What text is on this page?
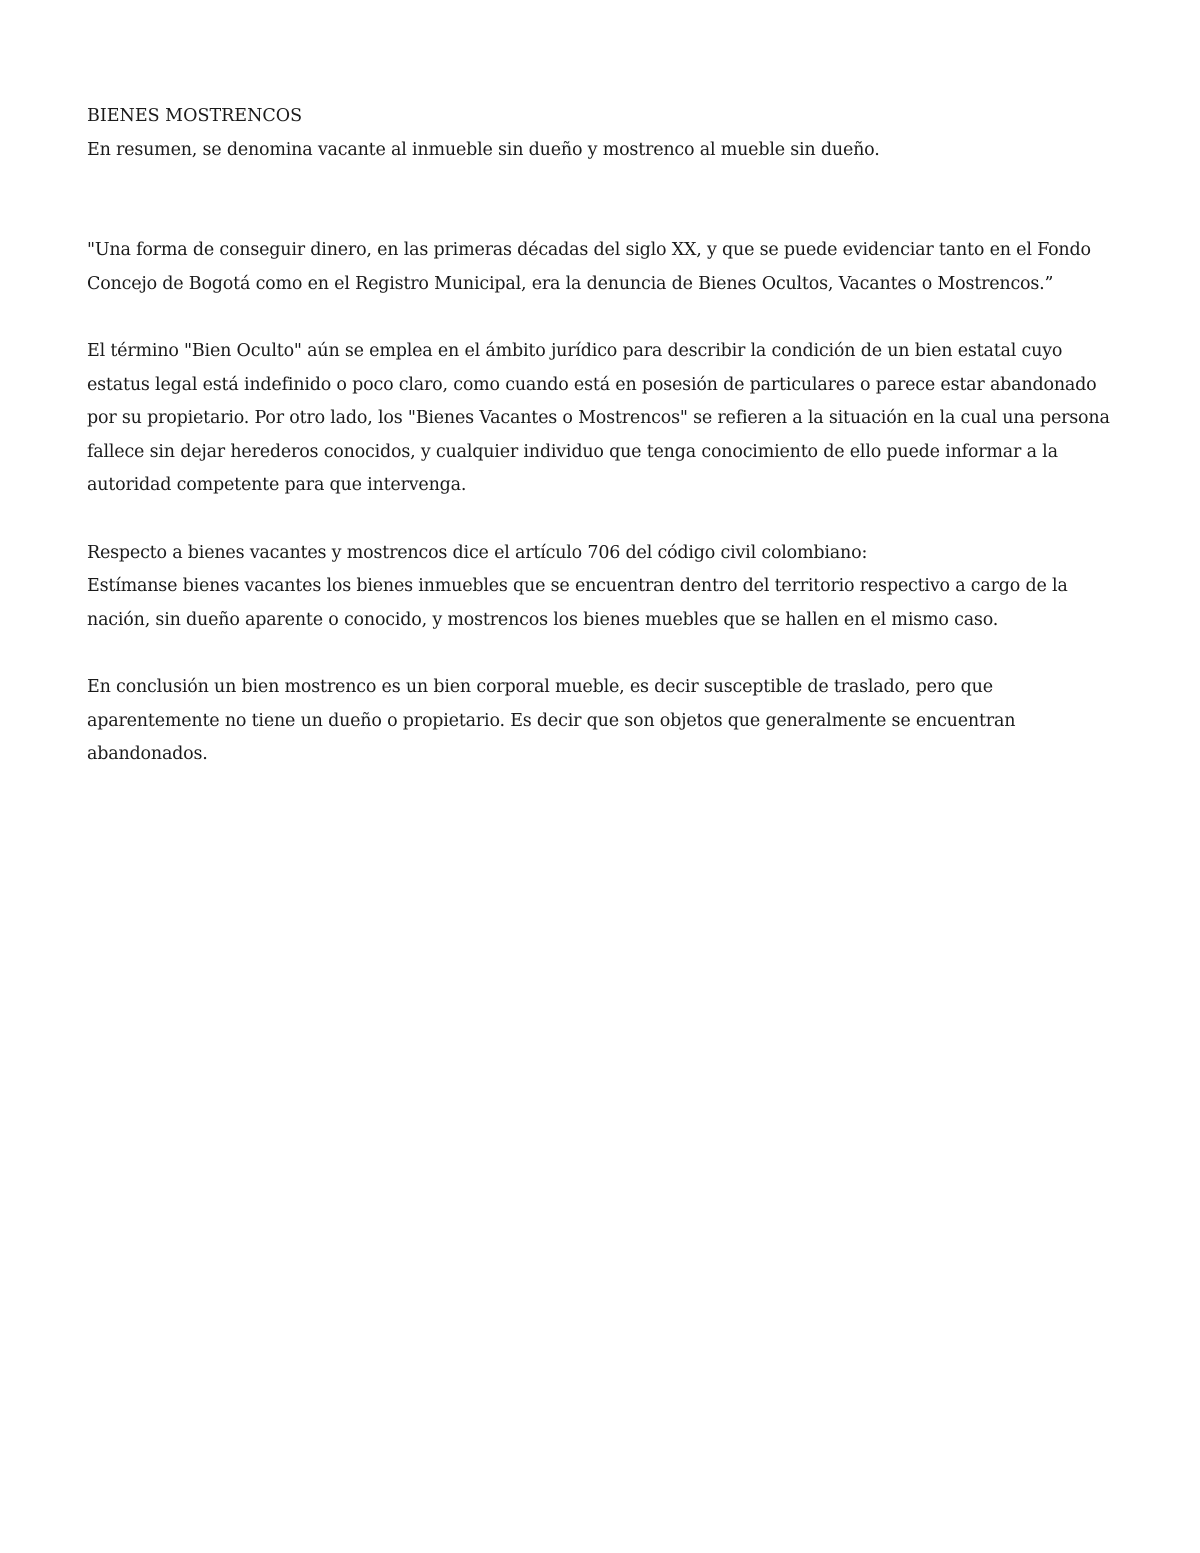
BIENES MOSTRENCOS

En resumen, se denomina vacante al inmueble sin dueño y mostrenco al mueble sin dueño.

"Una forma de conseguir dinero, en las primeras décadas del siglo XX, y que se puede evidenciar tanto en el Fondo Concejo de Bogotá como en el Registro Municipal, era la denuncia de Bienes Ocultos, Vacantes o Mostrencos.”

El término "Bien Oculto" aún se emplea en el ámbito jurídico para describir la condición de un bien estatal cuyo estatus legal está indefinido o poco claro, como cuando está en posesión de particulares o parece estar abandonado por su propietario. Por otro lado, los "Bienes Vacantes o Mostrencos" se refieren a la situación en la cual una persona fallece sin dejar herederos conocidos, y cualquier individuo que tenga conocimiento de ello puede informar a la autoridad competente para que intervenga.

Respecto a bienes vacantes y mostrencos dice el artículo 706 del código civil colombiano:

Estímanse bienes vacantes los bienes inmuebles que se encuentran dentro del territorio respectivo a cargo de la nación, sin dueño aparente o conocido, y mostrencos los bienes muebles que se hallen en el mismo caso.

En conclusión un bien mostrenco es un bien corporal mueble, es decir susceptible de traslado, pero que aparentemente no tiene un dueño o propietario. Es decir que son objetos que generalmente se encuentran abandonados.
